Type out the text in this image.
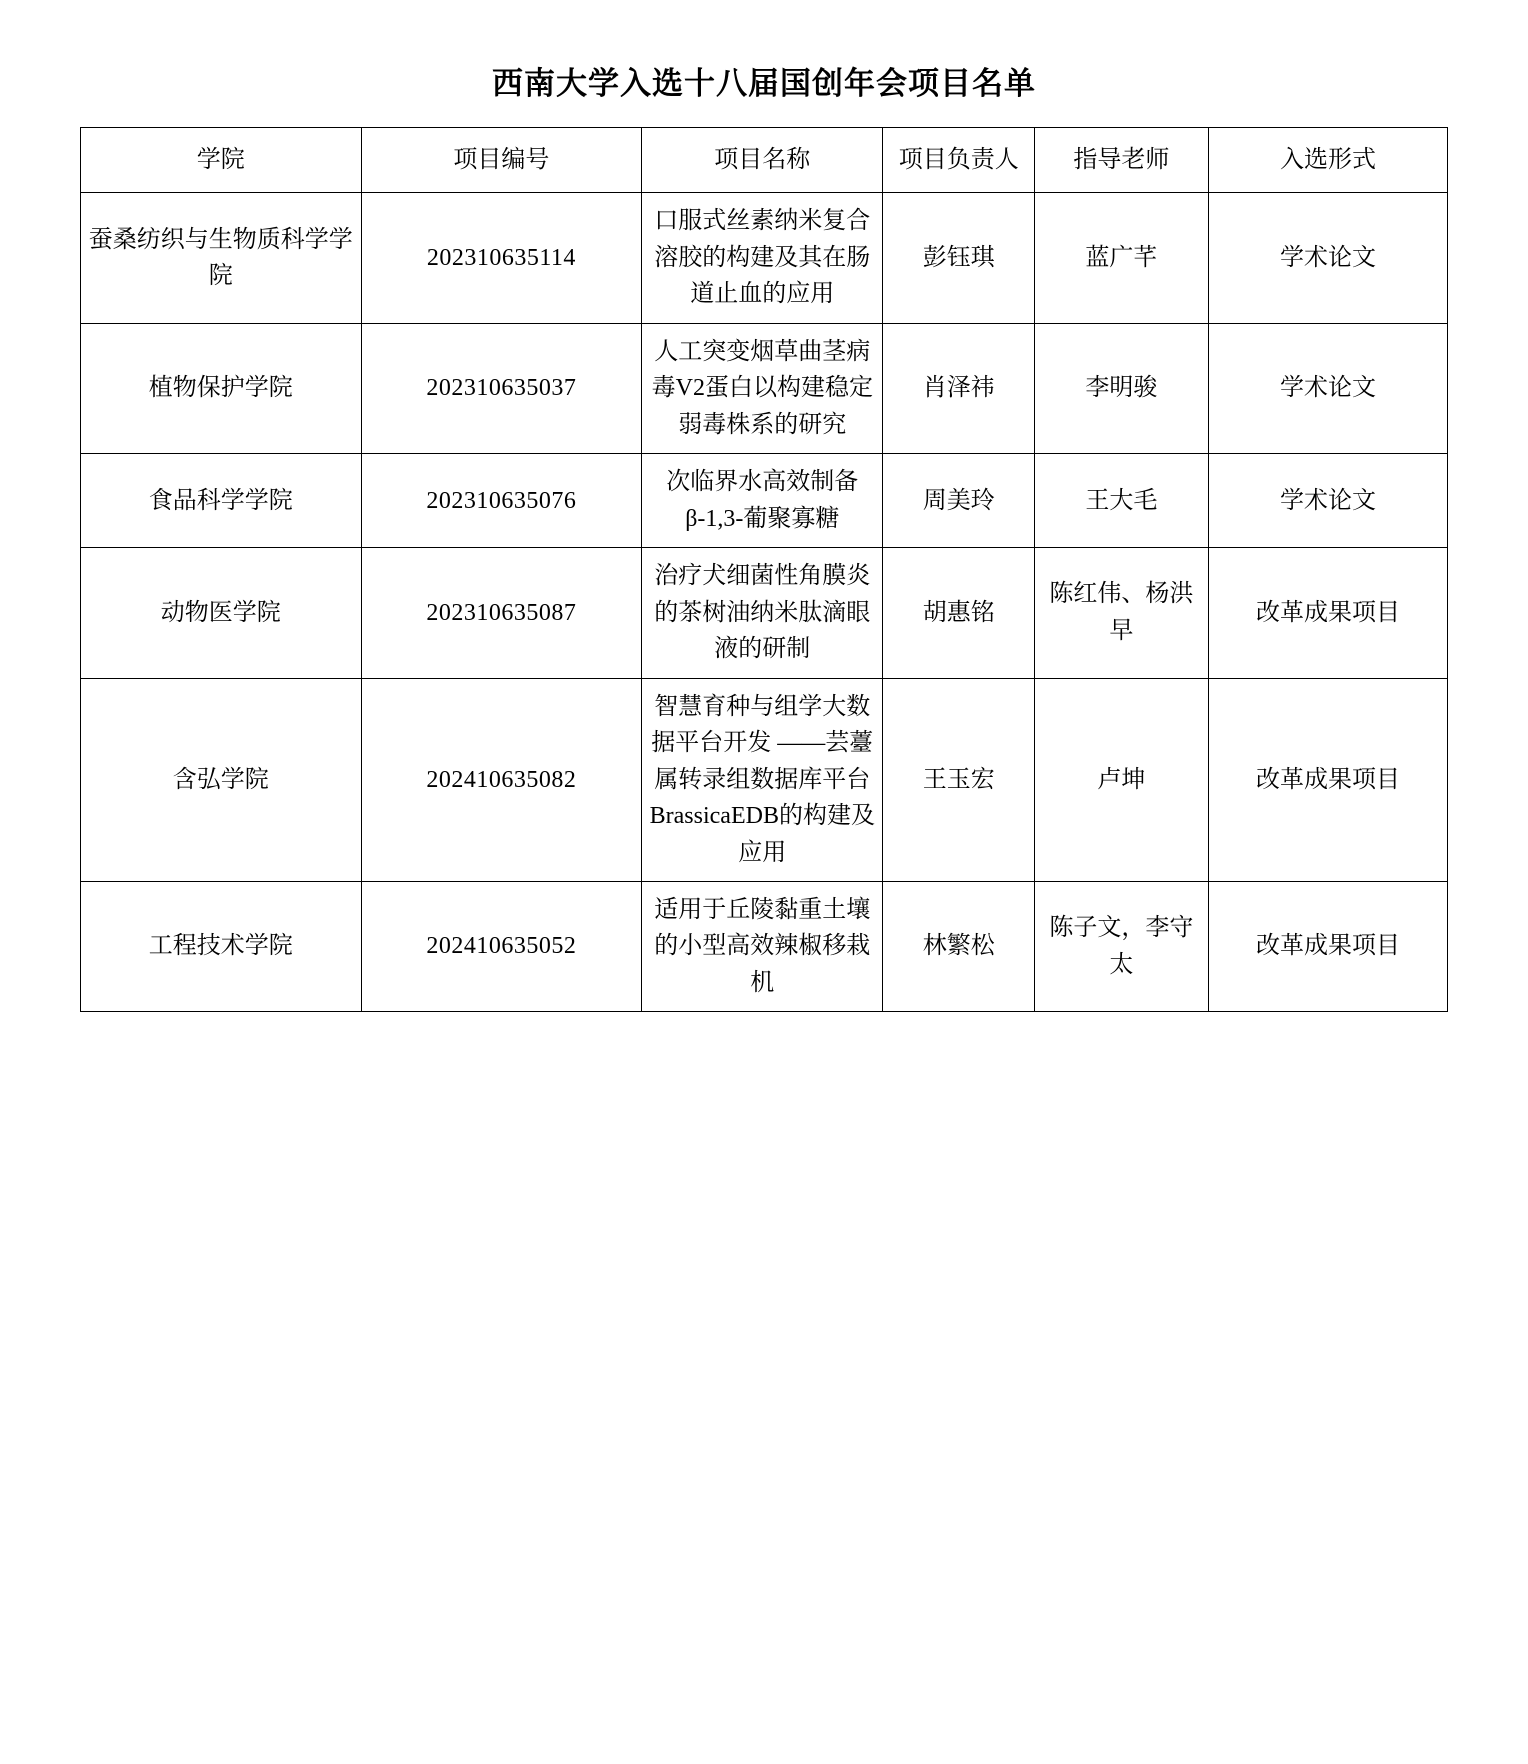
西南大学入选十八届国创年会项目名单
学院	项目编号	项目名称	项目负责人	指导老师	入选形式
蚕桑纺织与生物质科学学院	202310635114	口服式丝素纳米复合溶胶的构建及其在肠道止血的应用	彭钰琪	蓝广芊	学术论文
植物保护学院	202310635037	人工突变烟草曲茎病毒V2蛋白以构建稳定弱毒株系的研究	肖泽祎	李明骏	学术论文
食品科学学院	202310635076	次临界水高效制备β-1,3-葡聚寡糖	周美玲	王大毛	学术论文
动物医学院	202310635087	治疗犬细菌性角膜炎的茶树油纳米肽滴眼液的研制	胡惠铭	陈红伟、杨洪早	改革成果项目
含弘学院	202410635082	智慧育种与组学大数据平台开发 ——芸薹属转录组数据库平台BrassicaEDB的构建及应用	王玉宏	卢坤	改革成果项目
工程技术学院	202410635052	适用于丘陵黏重土壤的小型高效辣椒移栽机	林繁松	陈子文，李守太	改革成果项目
